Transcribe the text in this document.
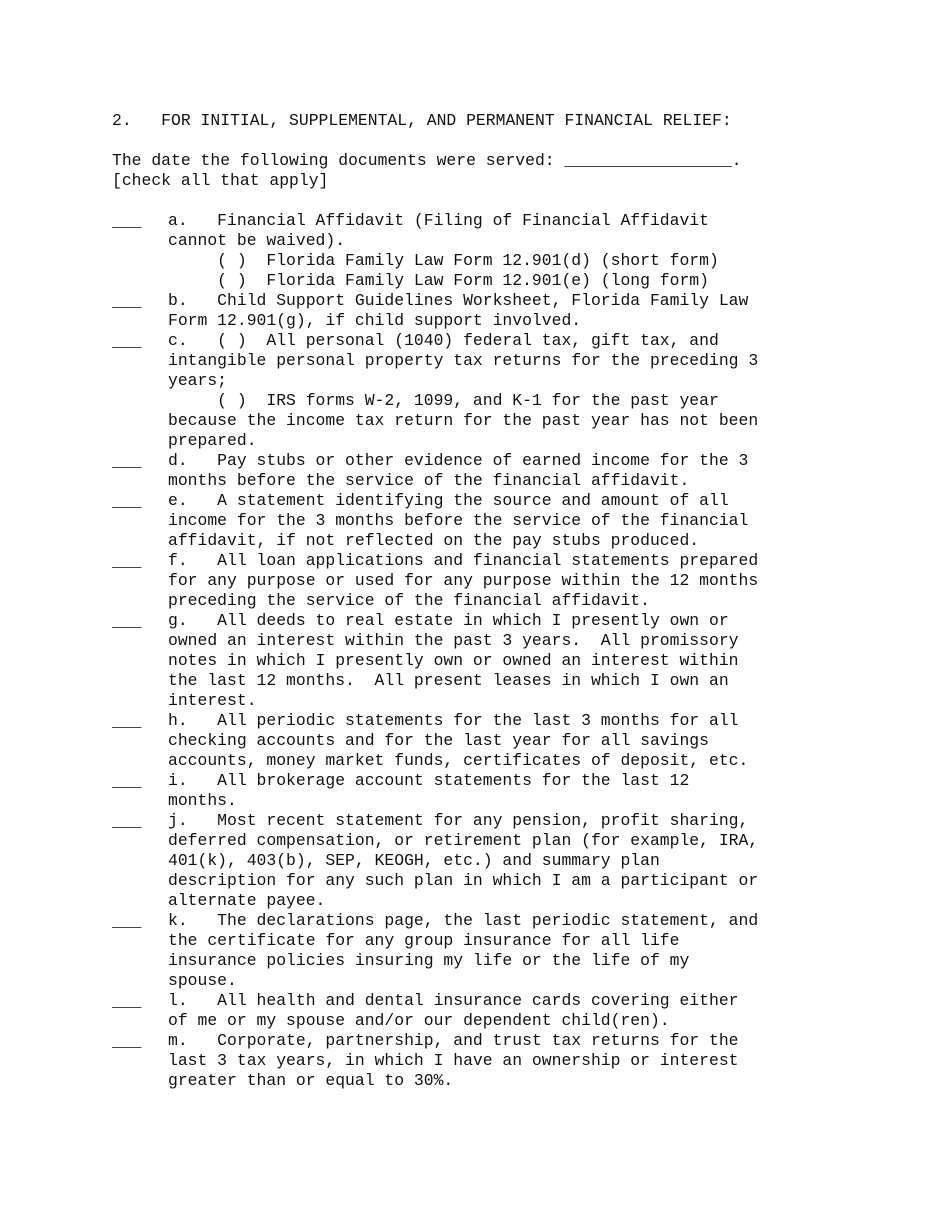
2.   FOR INITIAL, SUPPLEMENTAL, AND PERMANENT FINANCIAL RELIEF:
The date the following documents were served: _________________.
[check all that apply]
___ a.   Financial Affidavit (Filing of Financial Affidavit
cannot be waived).
( )  Florida Family Law Form 12.901(d) (short form)
( )  Florida Family Law Form 12.901(e) (long form)
___ b.   Child Support Guidelines Worksheet, Florida Family Law
Form 12.901(g), if child support involved.
___ c.   ( )  All personal (1040) federal tax, gift tax, and
intangible personal property tax returns for the preceding 3
years;
( )  IRS forms W-2, 1099, and K-1 for the past year
because the income tax return for the past year has not been
prepared.
___ d.   Pay stubs or other evidence of earned income for the 3
months before the service of the financial affidavit.
___ e.   A statement identifying the source and amount of all
income for the 3 months before the service of the financial
affidavit, if not reflected on the pay stubs produced.
___ f.   All loan applications and financial statements prepared
for any purpose or used for any purpose within the 12 months
preceding the service of the financial affidavit.
___ g.   All deeds to real estate in which I presently own or
owned an interest within the past 3 years.  All promissory
notes in which I presently own or owned an interest within
the last 12 months.  All present leases in which I own an
interest.
___ h.   All periodic statements for the last 3 months for all
checking accounts and for the last year for all savings
accounts, money market funds, certificates of deposit, etc.
___ i.   All brokerage account statements for the last 12
months.
___ j.   Most recent statement for any pension, profit sharing,
deferred compensation, or retirement plan (for example, IRA,
401(k), 403(b), SEP, KEOGH, etc.) and summary plan
description for any such plan in which I am a participant or
alternate payee.
___ k.   The declarations page, the last periodic statement, and
the certificate for any group insurance for all life
insurance policies insuring my life or the life of my
spouse.
___ l.   All health and dental insurance cards covering either
of me or my spouse and/or our dependent child(ren).
___ m.   Corporate, partnership, and trust tax returns for the
last 3 tax years, in which I have an ownership or interest
greater than or equal to 30%.
